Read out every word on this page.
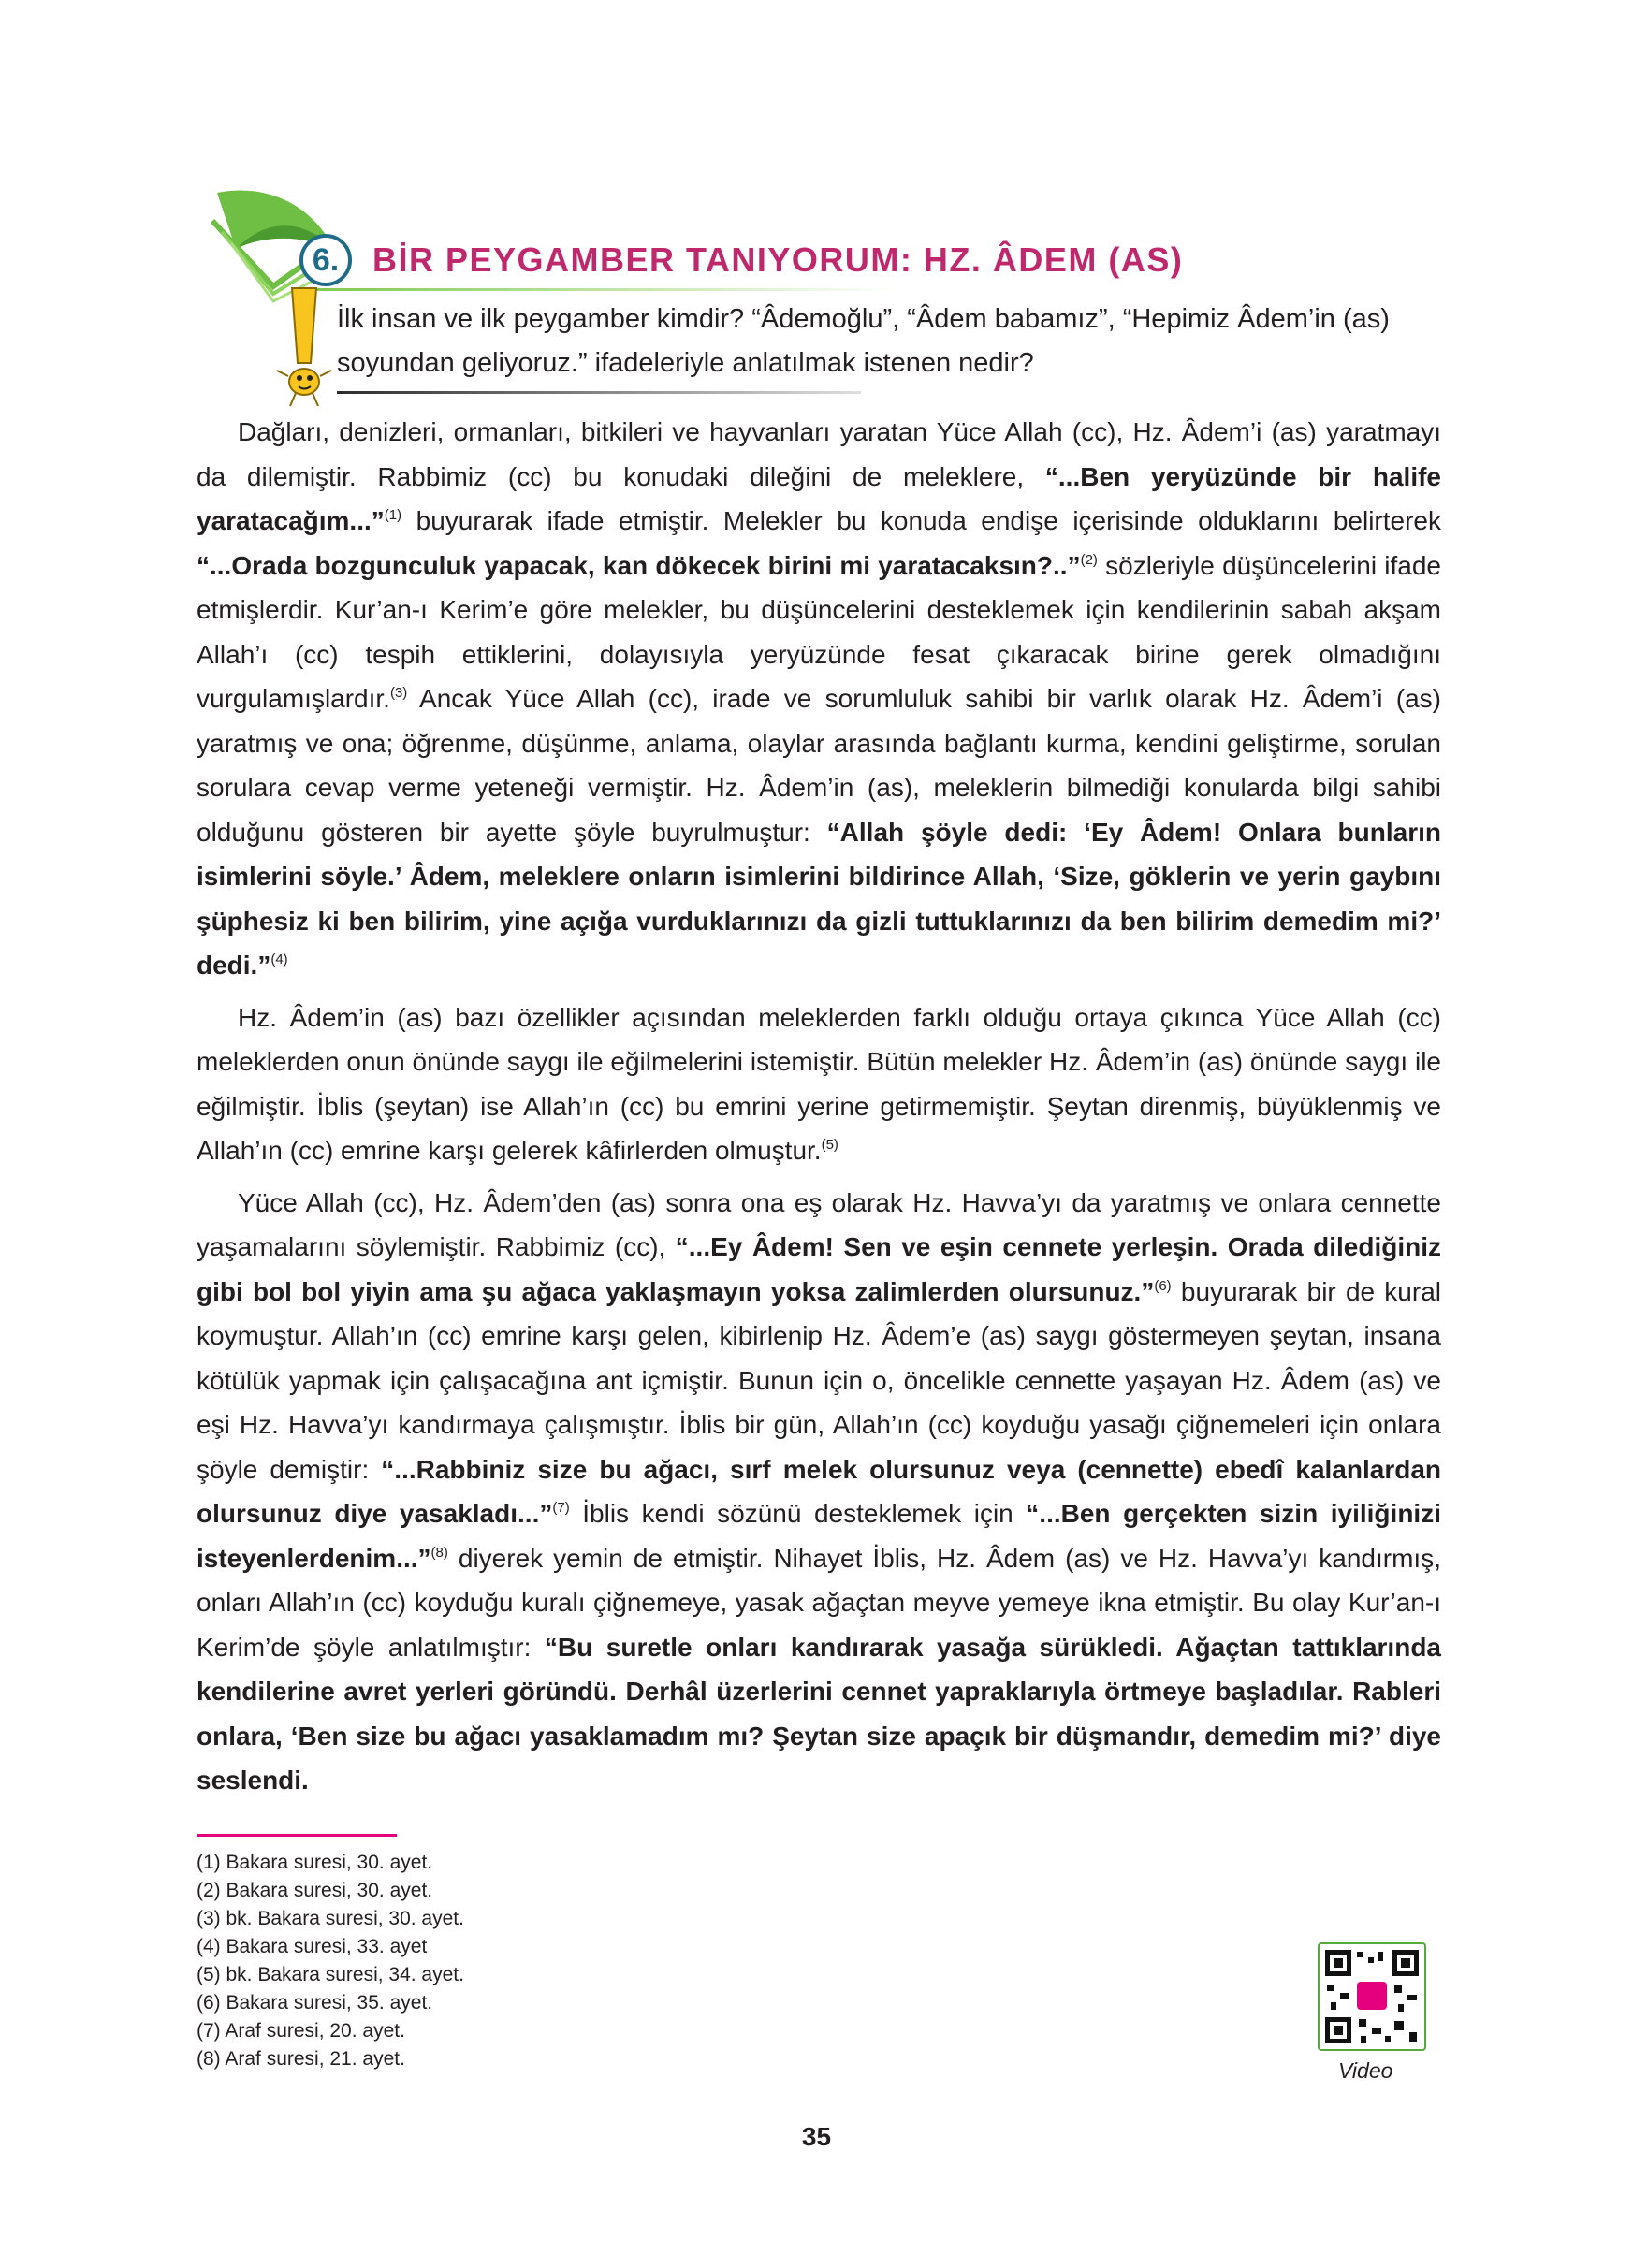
6. BİR PEYGAMBER TANIYORUM: HZ. ÂDEM (AS)

İlk insan ve ilk peygamber kimdir? “Âdemoğlu”, “Âdem babamız”, “Hepimiz Âdem’in (as) soyundan geliyoruz.” ifadeleriyle anlatılmak istenen nedir?

Dağları, denizleri, ormanları, bitkileri ve hayvanları yaratan Yüce Allah (cc), Hz. Âdem’i (as) yaratmayı da dilemiştir. Rabbimiz (cc) bu konudaki dileğini de meleklere, “...Ben yeryüzünde bir halife yaratacağım...”$^{(1)}$ buyurarak ifade etmiştir. Melekler bu konuda endişe içerisinde olduklarını belirterek “...Orada bozgunculuk yapacak, kan dökecek birini mi yaratacaksın?..”$^{(2)}$ sözleriyle düşüncelerini ifade etmişlerdir. Kur’an-ı Kerim’e göre melekler, bu düşüncelerini desteklemek için kendilerinin sabah akşam Allah’ı (cc) tespih ettiklerini, dolayısıyla yeryüzünde fesat çıkaracak birine gerek olmadığını vurgulamışlardır.$^{(3)}$ Ancak Yüce Allah (cc), irade ve sorumluluk sahibi bir varlık olarak Hz. Âdem’i (as) yaratmış ve ona; öğrenme, düşünme, anlama, olaylar arasında bağlantı kurma, kendini geliştirme, sorulan sorulara cevap verme yeteneği vermiştir. Hz. Âdem’in (as), meleklerin bilmediği konularda bilgi sahibi olduğunu gösteren bir ayette şöyle buyrulmuştur: “Allah şöyle dedi: ‘Ey Âdem! Onlara bunların isimlerini söyle.’ Âdem, meleklere onların isimlerini bildirince Allah, ‘Size, göklerin ve yerin gaybını şüphesiz ki ben bilirim, yine açığa vurduklarınızı da gizli tuttuklarınızı da ben bilirim demedim mi?’ dedi.”$^{(4)}$

Hz. Âdem’in (as) bazı özellikler açısından meleklerden farklı olduğu ortaya çıkınca Yüce Allah (cc) meleklerden onun önünde saygı ile eğilmelerini istemiştir. Bütün melekler Hz. Âdem’in (as) önünde saygı ile eğilmiştir. İblis (şeytan) ise Allah’ın (cc) bu emrini yerine getirmemiştir. Şeytan direnmiş, büyüklenmiş ve Allah’ın (cc) emrine karşı gelerek kâfirlerden olmuştur.$^{(5)}$

Yüce Allah (cc), Hz. Âdem’den (as) sonra ona eş olarak Hz. Havva’yı da yaratmış ve onlara cennette yaşamalarını söylemiştir. Rabbimiz (cc), “...Ey Âdem! Sen ve eşin cennete yerleşin. Orada dilediğiniz gibi bol bol yiyin ama şu ağaca yaklaşmayın yoksa zalimlerden olursunuz.”$^{(6)}$ buyurarak bir de kural koymuştur. Allah’ın (cc) emrine karşı gelen, kibirlenip Hz. Âdem’e (as) saygı göstermeyen şeytan, insana kötülük yapmak için çalışacağına ant içmiştir. Bunun için o, öncelikle cennette yaşayan Hz. Âdem (as) ve eşi Hz. Havva’yı kandırmaya çalışmıştır. İblis bir gün, Allah’ın (cc) koyduğu yasağı çiğnemeleri için onlara şöyle demiştir: “...Rabbiniz size bu ağacı, sırf melek olursunuz veya (cennette) ebedî kalanlardan olursunuz diye yasakladı...”$^{(7)}$ İblis kendi sözünü desteklemek için “...Ben gerçekten sizin iyiliğinizi isteyenlerdenim...”$^{(8)}$ diyerek yemin de etmiştir. Nihayet İblis, Hz. Âdem (as) ve Hz. Havva’yı kandırmış, onları Allah’ın (cc) koyduğu kuralı çiğnemeye, yasak ağaçtan meyve yemeye ikna etmiştir. Bu olay Kur’an-ı Kerim’de şöyle anlatılmıştır: “Bu suretle onları kandırarak yasağa sürükledi. Ağaçtan tattıklarında kendilerine avret yerleri göründü. Derhâl üzerlerini cennet yapraklarıyla örtmeye başladılar. Rableri onlara, ‘Ben size bu ağacı yasaklamadım mı? Şeytan size apaçık bir düşmandır, demedim mi?’ diye seslendi.

(1) Bakara suresi, 30. ayet.
(2) Bakara suresi, 30. ayet.
(3) bk. Bakara suresi, 30. ayet.
(4) Bakara suresi, 33. ayet
(5) bk. Bakara suresi, 34. ayet.
(6) Bakara suresi, 35. ayet.
(7) Araf suresi, 20. ayet.
(8) Araf suresi, 21. ayet.	Video
35
